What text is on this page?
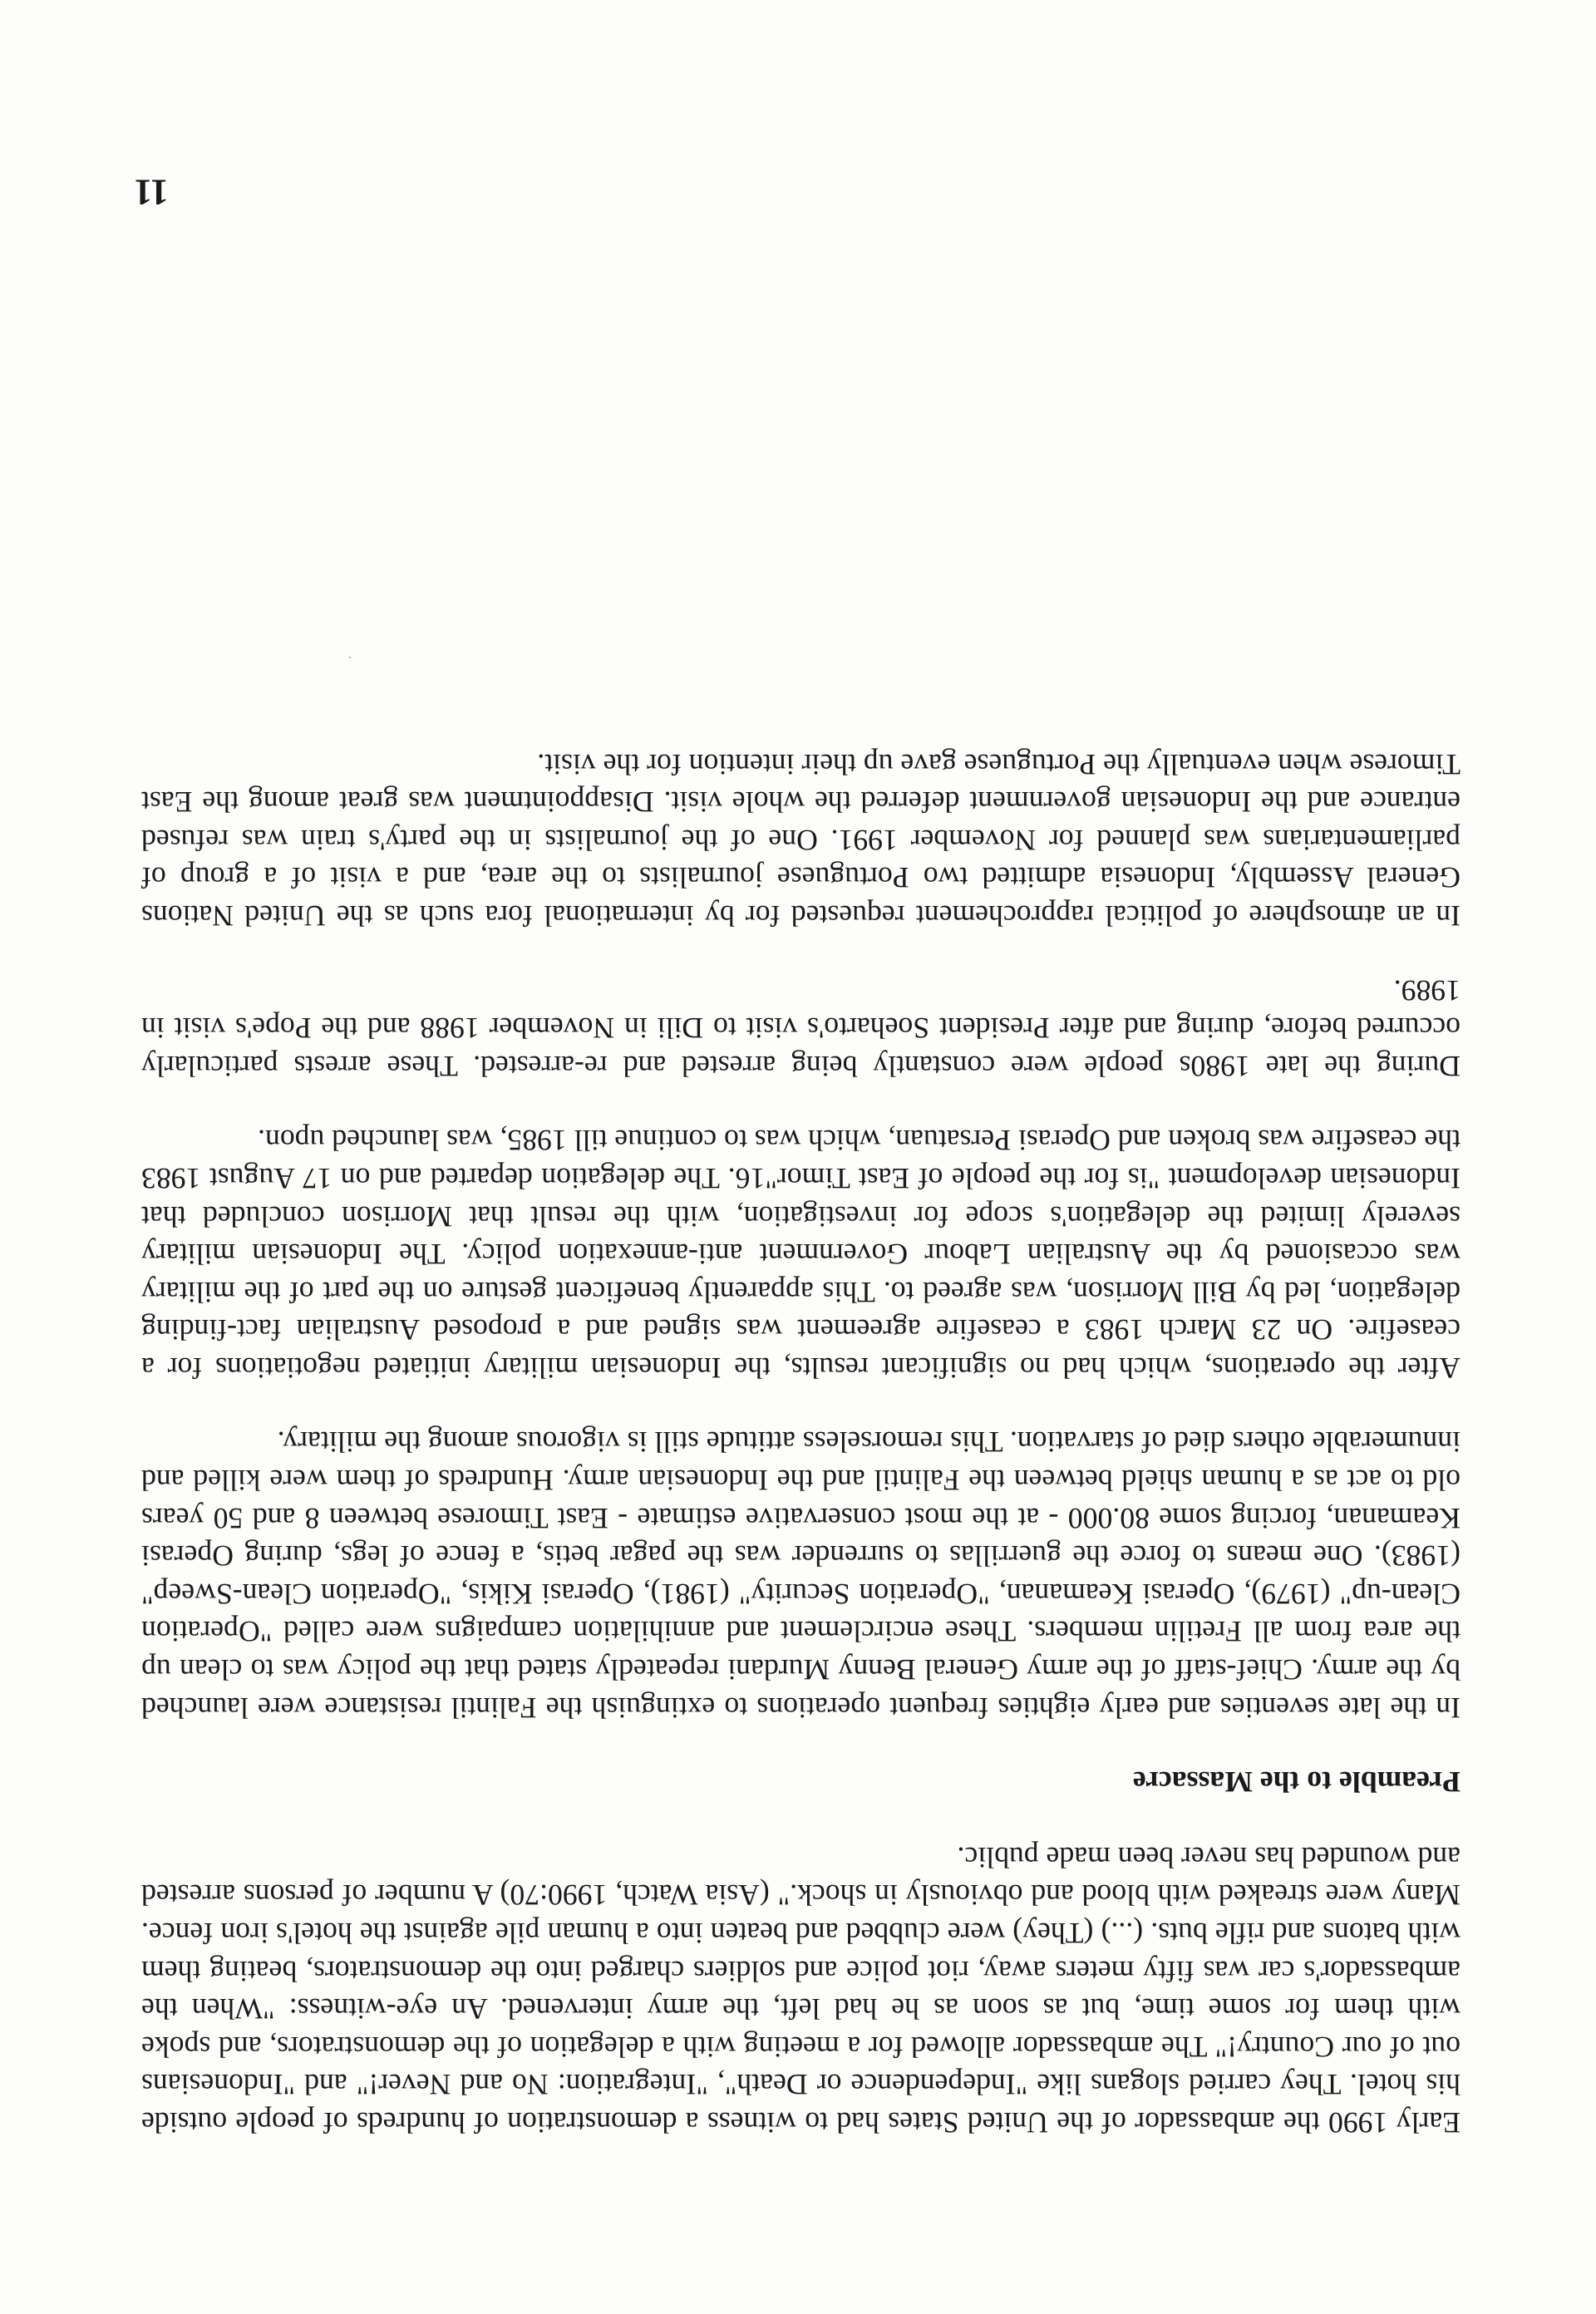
Early 1990 the ambassador of the United States had to witness a demonstration of hundreds of people outside his hotel. They carried slogans like "Independence or Death", "Integration: No and Never!" and "Indonesians out of our Country!" The ambassador allowed for a meeting with a delegation of the demonstrators, and spoke with them for some time, but as soon as he had left, the army intervened. An eye-witness: "When the ambassador's car was fifty meters away, riot police and soldiers charged into the demonstrators, beating them with batons and rifle buts. (...) (They) were clubbed and beaten into a human pile against the hotel's iron fence. Many were streaked with blood and obviously in shock." (Asia Watch, 1990:70) A number of persons arrested and wounded has never been made public.

Preamble to the Massacre

In the late seventies and early eighties frequent operations to extinguish the Falintil resistance were launched by the army. Chief-staff of the army General Benny Murdani repeatedly stated that the policy was to clean up the area from all Fretilin members. These encirclement and annihilation campaigns were called "Operation Clean-up" (1979), Operasi Keamanan, "Operation Security" (1981), Operasi Kikis, "Operation Clean-Sweep" (1983). One means to force the guerrillas to surrender was the pagar betis, a fence of legs, during Operasi Keamanan, forcing some 80.000 - at the most conservative estimate - East Timorese between 8 and 50 years old to act as a human shield between the Falintil and the Indonesian army. Hundreds of them were killed and innumerable others died of starvation. This remorseless attitude still is vigorous among the military.

After the operations, which had no significant results, the Indonesian military initiated negotiations for a ceasefire. On 23 March 1983 a ceasefire agreement was signed and a proposed Australian fact-finding delegation, led by Bill Morrison, was agreed to. This apparently beneficent gesture on the part of the military was occasioned by the Australian Labour Government anti-annexation policy. The Indonesian military severely limited the delegation's scope for investigation, with the result that Morrison concluded that Indonesian development "is for the people of East Timor"16. The delegation departed and on 17 August 1983 the ceasefire was broken and Operasi Persatuan, which was to continue till 1985, was launched upon.

During the late 1980s people were constantly being arrested and re-arrested. These arrests particularly occurred before, during and after President Soeharto's visit to Dili in November 1988 and the Pope's visit in 1989.

In an atmosphere of political rapprochement requested for by international fora such as the United Nations General Assembly, Indonesia admitted two Portuguese journalists to the area, and a visit of a group of parliamentarians was planned for November 1991. One of the journalists in the party's train was refused entrance and the Indonesian government deferred the whole visit. Disappointment was great among the East Timorese when eventually the Portuguese gave up their intention for the visit.

11
